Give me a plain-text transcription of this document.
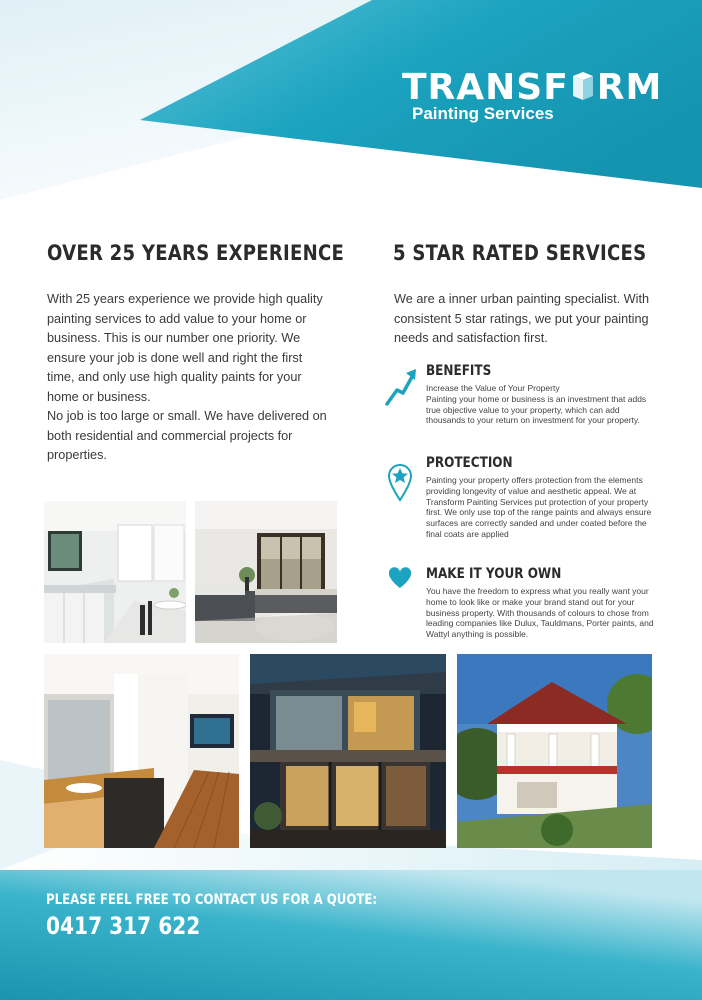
TRANSF RM
Painting Services
OVER 25 YEARS EXPERIENCE

With 25 years experience we provide high quality painting services to add value to your home or business. This is our number one priority. We ensure your job is done well and right the first time, and only use high quality paints for your home or business.

No job is too large or small. We have delivered on both residential and commercial projects for properties.

5 STAR RATED SERVICES
We are a inner urban painting specialist. With consistent 5 star ratings, we put your painting needs and satisfaction first.
BENEFITS

Increase the Value of Your Property

Painting your home or business is an investment that adds true objective value to your property, which can add thousands to your return on investment for your property.

PROTECTION
Painting your property offers protection from the elements providing longevity of value and aesthetic appeal. We at Transform Painting Services put protection of your property first. We only use top of the range paints and always ensure surfaces are correctly sanded and under coated before the final coats are applied
MAKE IT YOUR OWN
You have the freedom to express what you really want your home to look like or make your brand stand out for your business property. With thousands of colours to chose from leading companies like Dulux, Tauldmans, Porter paints, and Wattyl anything is possible.
PLEASE FEEL FREE TO CONTACT US FOR A QUOTE:
0417 317 622
